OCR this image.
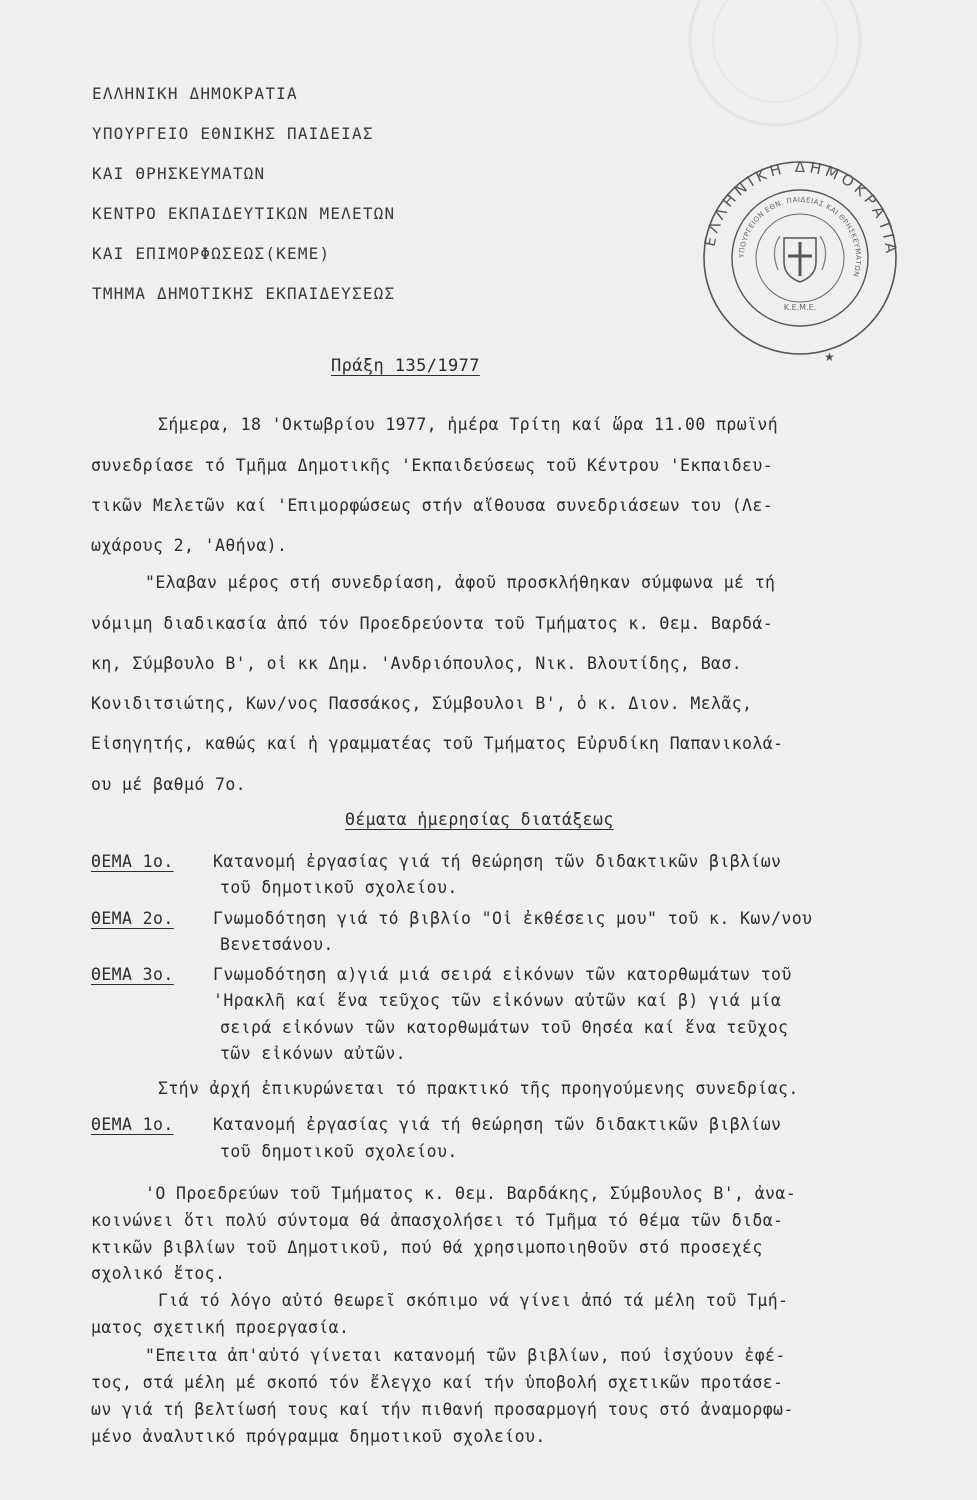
ΕΛΛΗΝΙΚΗ ΔΗΜΟΚΡΑΤΙΑ
ΥΠΟΥΡΓΕΙΟ ΕΘΝΙΚΗΣ ΠΑΙΔΕΙΑΣ
ΚΑΙ ΘΡΗΣΚΕΥΜΑΤΩΝ
ΚΕΝΤΡΟ ΕΚΠΑΙΔΕΥΤΙΚΩΝ ΜΕΛΕΤΩΝ
ΚΑΙ ΕΠΙΜΟΡΦΩΣΕΩΣ(ΚΕΜΕ)
ΤΜΗΜΑ ΔΗΜΟΤΙΚΗΣ ΕΚΠΑΙΔΕΥΣΕΩΣ
ΕΛΛΗΝΙΚΗ ΔΗΜΟΚΡΑΤΙΑ
ΥΠΟΥΡΓΕΙΟΝ ΕΘΝ. ΠΑΙΔΕΙΑΣ ΚΑΙ ΘΡΗΣΚΕΥΜΑΤΩΝ
Κ.Ε.Μ.Ε.
★
Πράξη 135/1977
Σήμερα, 18 'Οκτωβρίου 1977, ἡμέρα Τρίτη καί ὥρα 11.00 πρωϊνή
συνεδρίασε τό Τμῆμα Δημοτικῆς 'Εκπαιδεύσεως τοῦ Κέντρου 'Εκπαιδευ-
τικῶν Μελετῶν καί 'Επιμορφώσεως στήν αἴθουσα συνεδριάσεων του (Λε-
ωχάρους 2, 'Αθήνα).
"Ελαβαν μέρος στή συνεδρίαση, ἀφοῦ προσκλήθηκαν σύμφωνα μέ τή
νόμιμη διαδικασία ἀπό τόν Προεδρεύοντα τοῦ Τμήματος κ. Θεμ. Βαρδά-
κη, Σύμβουλο Β', οἱ κκ Δημ. 'Ανδριόπουλος, Νικ. Βλουτίδης, Βασ.
Κονιδιτσιώτης, Κων/νος Πασσάκος, Σύμβουλοι Β', ὁ κ. Διον. Μελᾶς,
Εἰσηγητής, καθώς καί ἡ γραμματέας τοῦ Τμήματος Εὐρυδίκη Παπανικολά-
ου μέ βαθμό 7ο.
Θέματα ἡμερησίας διατάξεως
ΘΕΜΑ 1ο. Κατανομή ἐργασίας γιά τή θεώρηση τῶν διδακτικῶν βιβλίων
τοῦ δημοτικοῦ σχολείου.
ΘΕΜΑ 2ο. Γνωμοδότηση γιά τό βιβλίο "Οἱ ἐκθέσεις μου" τοῦ κ. Κων/νου
Βενετσάνου.
ΘΕΜΑ 3ο. Γνωμοδότηση α)γιά μιά σειρά εἰκόνων τῶν κατορθωμάτων τοῦ
'Ηρακλῆ καί ἕνα τεῦχος τῶν εἰκόνων αὐτῶν καί β) γιά μία
σειρά εἰκόνων τῶν κατορθωμάτων τοῦ Θησέα καί ἕνα τεῦχος
τῶν εἰκόνων αὐτῶν.
Στήν ἀρχή ἐπικυρώνεται τό πρακτικό τῆς προηγούμενης συνεδρίας.
ΘΕΜΑ 1ο. Κατανομή ἐργασίας γιά τή θεώρηση τῶν διδακτικῶν βιβλίων
τοῦ δημοτικοῦ σχολείου.
'Ο Προεδρεύων τοῦ Τμήματος κ. Θεμ. Βαρδάκης, Σύμβουλος Β', ἀνα-
κοινώνει ὅτι πολύ σύντομα θά ἀπασχολήσει τό Τμῆμα τό θέμα τῶν διδα-
κτικῶν βιβλίων τοῦ Δημοτικοῦ, πού θά χρησιμοποιηθοῦν στό προσεχές
σχολικό ἔτος.
Γιά τό λόγο αὐτό θεωρεῖ σκόπιμο νά γίνει ἀπό τά μέλη τοῦ Τμή-
ματος σχετική προεργασία.
"Επειτα ἀπ'αὐτό γίνεται κατανομή τῶν βιβλίων, πού ἰσχύουν ἐφέ-
τος, στά μέλη μέ σκοπό τόν ἔλεγχο καί τήν ὑποβολή σχετικῶν προτάσε-
ων γιά τή βελτίωσή τους καί τήν πιθανή προσαρμογή τους στό ἀναμορφω-
μένο ἀναλυτικό πρόγραμμα δημοτικοῦ σχολείου.
